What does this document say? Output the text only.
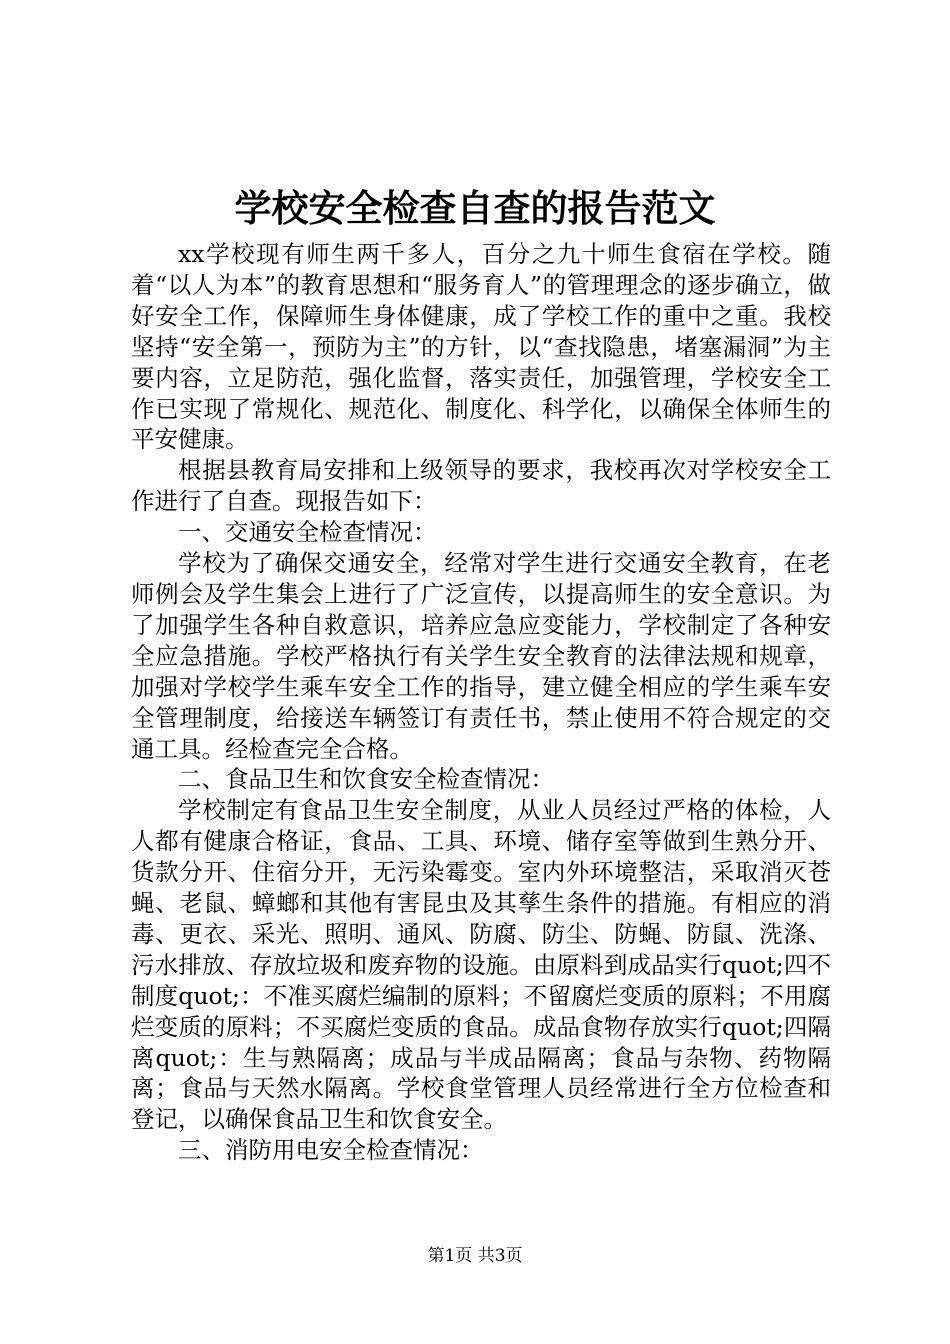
学校安全检查自查的报告范文

xx学校现有师生两千多人，百分之九十师生食宿在学校。随着“以人为本”的教育思想和“服务育人”的管理理念的逐步确立，做好安全工作，保障师生身体健康，成了学校工作的重中之重。我校坚持“安全第一，预防为主”的方针，以“查找隐患，堵塞漏洞”为主要内容，立足防范，强化监督，落实责任，加强管理，学校安全工作已实现了常规化、规范化、制度化、科学化，以确保全体师生的平安健康。

根据县教育局安排和上级领导的要求，我校再次对学校安全工作进行了自查。现报告如下：

一、交通安全检查情况：

学校为了确保交通安全，经常对学生进行交通安全教育，在老师例会及学生集会上进行了广泛宣传，以提高师生的安全意识。为了加强学生各种自救意识，培养应急应变能力，学校制定了各种安全应急措施。学校严格执行有关学生安全教育的法律法规和规章，加强对学校学生乘车安全工作的指导，建立健全相应的学生乘车安全管理制度，给接送车辆签订有责任书，禁止使用不符合规定的交通工具。经检查完全合格。

二、食品卫生和饮食安全检查情况：

学校制定有食品卫生安全制度，从业人员经过严格的体检，人人都有健康合格证，食品、工具、环境、储存室等做到生熟分开、货款分开、住宿分开，无污染霉变。室内外环境整洁，采取消灭苍蝇、老鼠、蟑螂和其他有害昆虫及其孳生条件的措施。有相应的消毒、更衣、采光、照明、通风、防腐、防尘、防蝇、防鼠、洗涤、污水排放、存放垃圾和废弃物的设施。由原料到成品实行quot;四不制度quot;：不准买腐烂编制的原料；不留腐烂变质的原料；不用腐烂变质的原料；不买腐烂变质的食品。成品食物存放实行quot;四隔离quot;：生与熟隔离；成品与半成品隔离；食品与杂物、药物隔离；食品与天然水隔离。学校食堂管理人员经常进行全方位检查和登记，以确保食品卫生和饮食安全。

三、消防用电安全检查情况：

第1页 共3页
